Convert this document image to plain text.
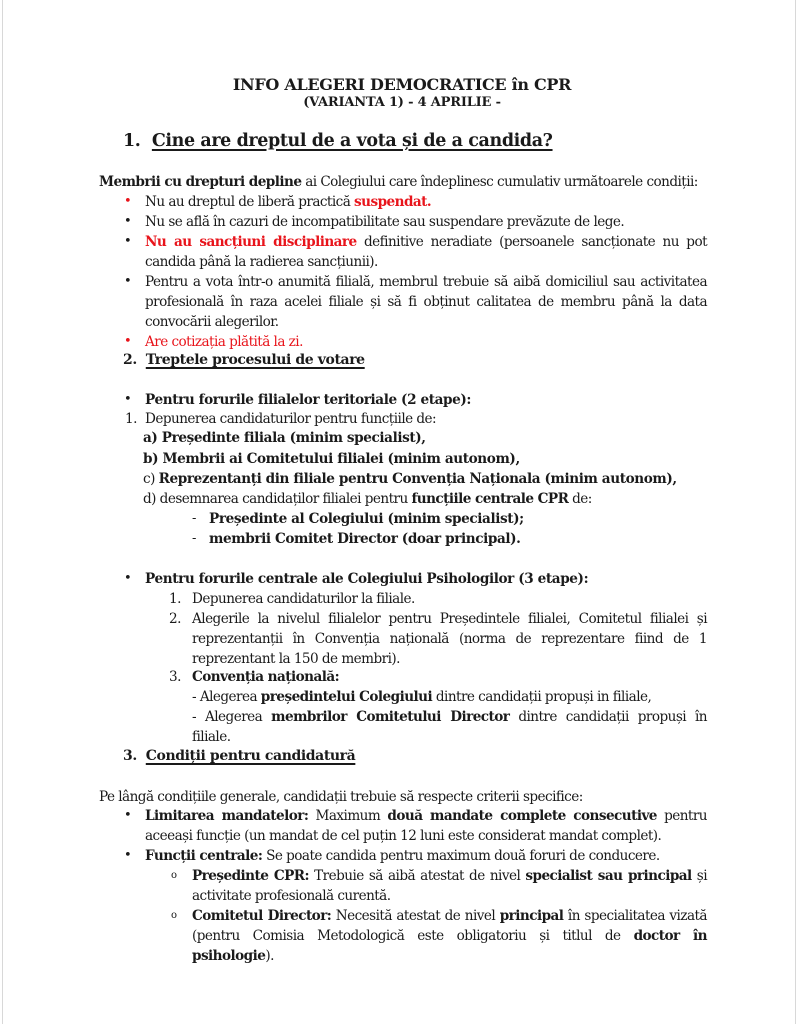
INFO ALEGERI DEMOCRATICE în CPR
(VARIANTA 1) - 4 APRILIE -
1. Cine are dreptul de a vota și de a candida?
Membrii cu drepturi depline ai Colegiului care îndeplinesc cumulativ următoarele condiții:
• Nu au dreptul de liberă practică suspendat.
• Nu se află în cazuri de incompatibilitate sau suspendare prevăzute de lege.
• Nu au sancțiuni disciplinare definitive neradiate (persoanele sancționate nu pot
candida până la radierea sancțiunii).
• Pentru a vota într-o anumită filială, membrul trebuie să aibă domiciliul sau activitatea
profesională în raza acelei filiale și să fi obținut calitatea de membru până la data
convocării alegerilor.
• Are cotizația plătită la zi.
2. Treptele procesului de votare
• Pentru forurile filialelor teritoriale (2 etape):
1. Depunerea candidaturilor pentru funcțiile de:
a) Președinte filiala (minim specialist),
b) Membrii ai Comitetului filialei (minim autonom),
c) Reprezentanți din filiale pentru Convenția Naționala (minim autonom),
d) desemnarea candidaților filialei pentru funcțiile centrale CPR de:
- Președinte al Colegiului (minim specialist);
- membrii Comitet Director (doar principal).
• Pentru forurile centrale ale Colegiului Psihologilor (3 etape):
1. Depunerea candidaturilor la filiale.
2. Alegerile la nivelul filialelor pentru Președintele filialei, Comitetul filialei și
reprezentanții în Convenția națională (norma de reprezentare fiind de 1
reprezentant la 150 de membri).
3. Convenția națională:
- Alegerea președintelui Colegiului dintre candidații propuși in filiale,
- Alegerea membrilor Comitetului Director dintre candidații propuși în
filiale.
3. Condiții pentru candidatură
Pe lângă condițiile generale, candidații trebuie să respecte criterii specifice:
• Limitarea mandatelor: Maximum două mandate complete consecutive pentru
aceeași funcție (un mandat de cel puțin 12 luni este considerat mandat complet).
• Funcții centrale: Se poate candida pentru maximum două foruri de conducere.
o Președinte CPR: Trebuie să aibă atestat de nivel specialist sau principal și
activitate profesională curentă.
o Comitetul Director: Necesită atestat de nivel principal în specialitatea vizată
(pentru Comisia Metodologică este obligatoriu și titlul de doctor în
psihologie).
